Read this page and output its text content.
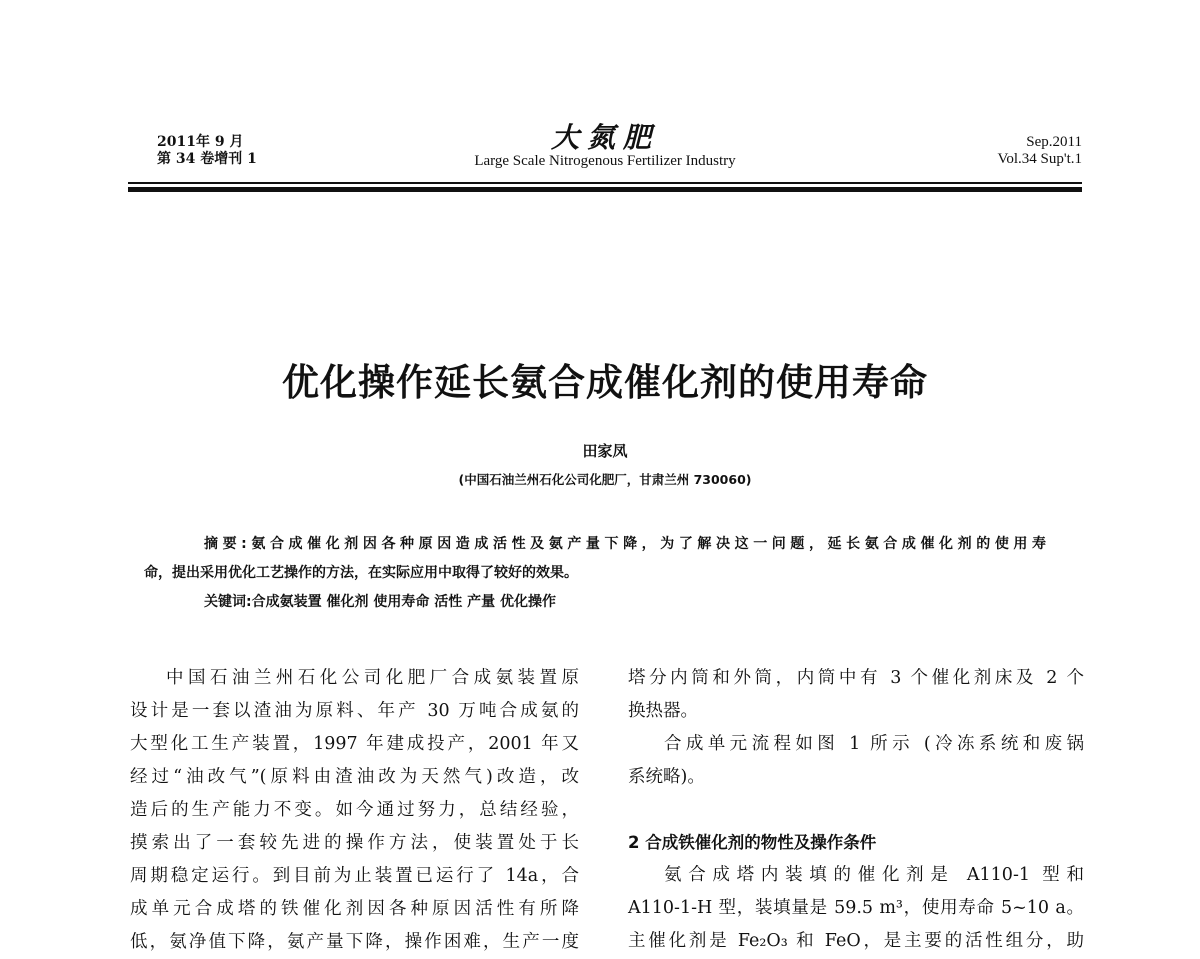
2011年 9 月
第 34 卷增刊 1
大氮肥
Large Scale Nitrogenous Fertilizer Industry
Sep.2011
Vol.34 Sup't.1
优化操作延长氨合成催化剂的使用寿命
田家凤
(中国石油兰州石化公司化肥厂，甘肃兰州 730060)
摘要:氨合成催化剂因各种原因造成活性及氨产量下降，为了解决这一问题，延长氨合成催化剂的使用寿
命，提出采用优化工艺操作的方法，在实际应用中取得了较好的效果。
关键词:合成氨装置 催化剂 使用寿命 活性 产量 优化操作
中国石油兰州石化公司化肥厂合成氨装置原
设计是一套以渣油为原料、年产 30 万吨合成氨的
大型化工生产装置，1997 年建成投产，2001 年又
经过“油改气”(原料由渣油改为天然气)改造，改
造后的生产能力不变。如今通过努力，总结经验，
摸索出了一套较先进的操作方法，使装置处于长
周期稳定运行。到目前为止装置已运行了 14a，合
成单元合成塔的铁催化剂因各种原因活性有所降
低，氨净值下降，氨产量下降，操作困难，生产一度
塔分内筒和外筒，内筒中有 3 个催化剂床及 2 个
换热器。
合成单元流程如图 1 所示 (冷冻系统和废锅
系统略)。
2 合成铁催化剂的物性及操作条件
氨合成塔内装填的催化剂是 A110-1 型和
A110-1-H 型，装填量是 59.5 m³，使用寿命 5~10 a。
主催化剂是 Fe₂O₃ 和 FeO，是主要的活性组分，助
